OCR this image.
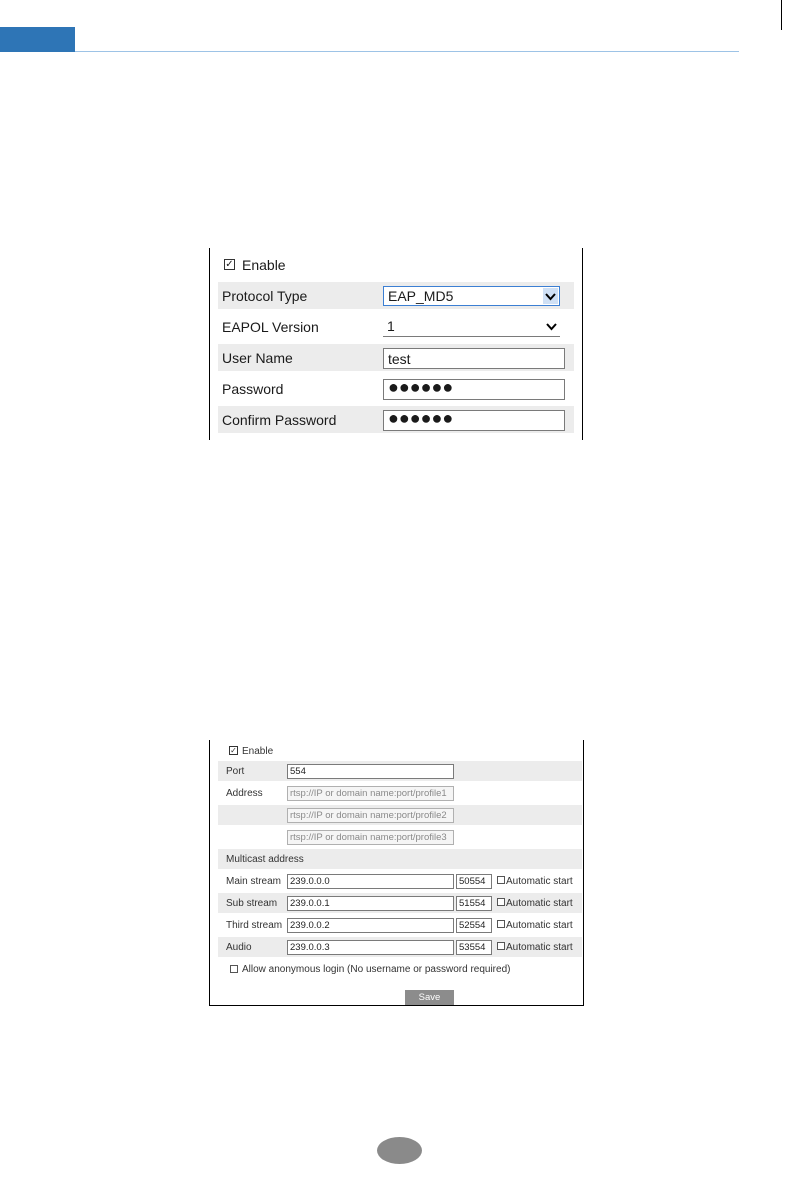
✓ Enable
Protocol Type	EAP_MD5
EAPOL Version	1
User Name	test
Password	●●●●●●
Confirm Password	●●●●●●
✓ Enable
Port	554
Address	rtsp://IP or domain name:port/profile1
rtsp://IP or domain name:port/profile2
rtsp://IP or domain name:port/profile3
Multicast address
Main stream 239.0.0.0	50554	Automatic start
Sub stream	239.0.0.1	51554	Automatic start
Third stream 239.0.0.2	52554	Automatic start
Audio	239.0.0.3	53554	Automatic start
Allow anonymous login (No username or password required)
Save
